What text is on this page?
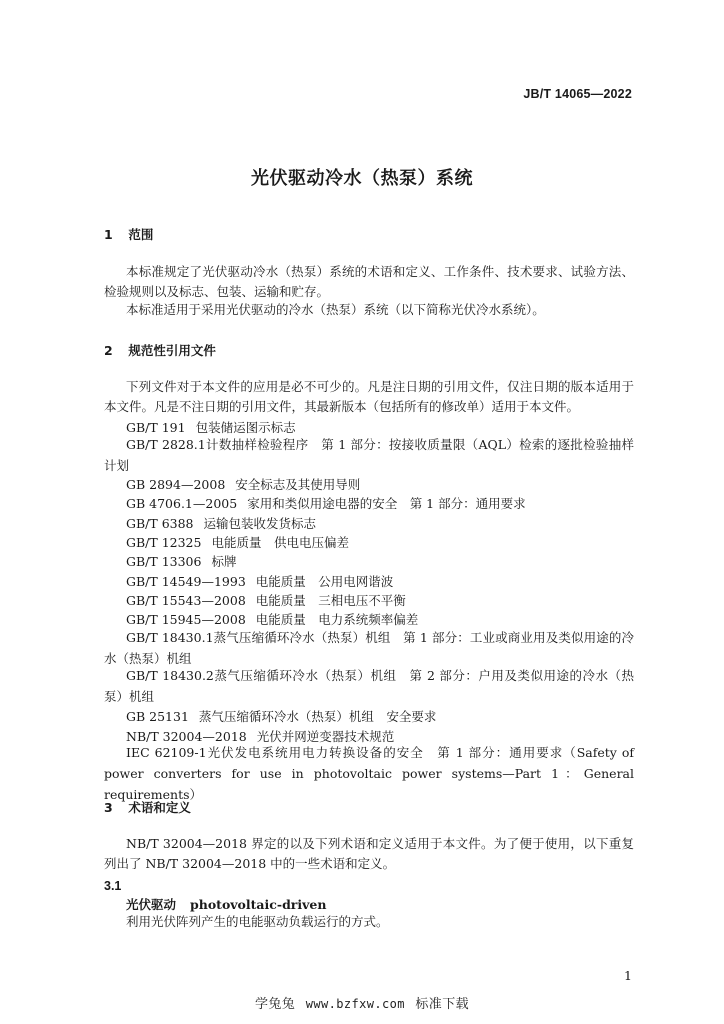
JB/T 14065—2022
光伏驱动冷水（热泵）系统
1 范围
本标准规定了光伏驱动冷水（热泵）系统的术语和定义、工作条件、技术要求、试验方法、检验规则以及标志、包装、运输和贮存。
本标准适用于采用光伏驱动的冷水（热泵）系统（以下简称光伏冷水系统）。
2 规范性引用文件
下列文件对于本文件的应用是必不可少的。凡是注日期的引用文件，仅注日期的版本适用于本文件。凡是不注日期的引用文件，其最新版本（包括所有的修改单）适用于本文件。
GB/T 191 包装储运图示标志
GB/T 2828.1计数抽样检验程序　第 1 部分：按接收质量限（AQL）检索的逐批检验抽样计划
GB 2894—2008 安全标志及其使用导则
GB 4706.1—2005 家用和类似用途电器的安全　第 1 部分：通用要求
GB/T 6388 运输包装收发货标志
GB/T 12325 电能质量　供电电压偏差
GB/T 13306 标牌
GB/T 14549—1993 电能质量　公用电网谐波
GB/T 15543—2008 电能质量　三相电压不平衡
GB/T 15945—2008 电能质量　电力系统频率偏差
GB/T 18430.1蒸气压缩循环冷水（热泵）机组　第 1 部分：工业或商业用及类似用途的冷水（热泵）机组
GB/T 18430.2蒸气压缩循环冷水（热泵）机组　第 2 部分：户用及类似用途的冷水（热泵）机组
GB 25131 蒸气压缩循环冷水（热泵）机组　安全要求
NB/T 32004—2018 光伏并网逆变器技术规范
IEC 62109-1光伏发电系统用电力转换设备的安全　第 1 部分：通用要求（Safety of power converters for use in photovoltaic power systems—Part 1：General requirements）
3 术语和定义
NB/T 32004—2018 界定的以及下列术语和定义适用于本文件。为了便于使用，以下重复列出了 NB/T 32004—2018 中的一些术语和定义。
3.1
光伏驱动 photovoltaic-driven
利用光伏阵列产生的电能驱动负载运行的方式。
1
学兔兔 www.bzfxw.com 标准下载
